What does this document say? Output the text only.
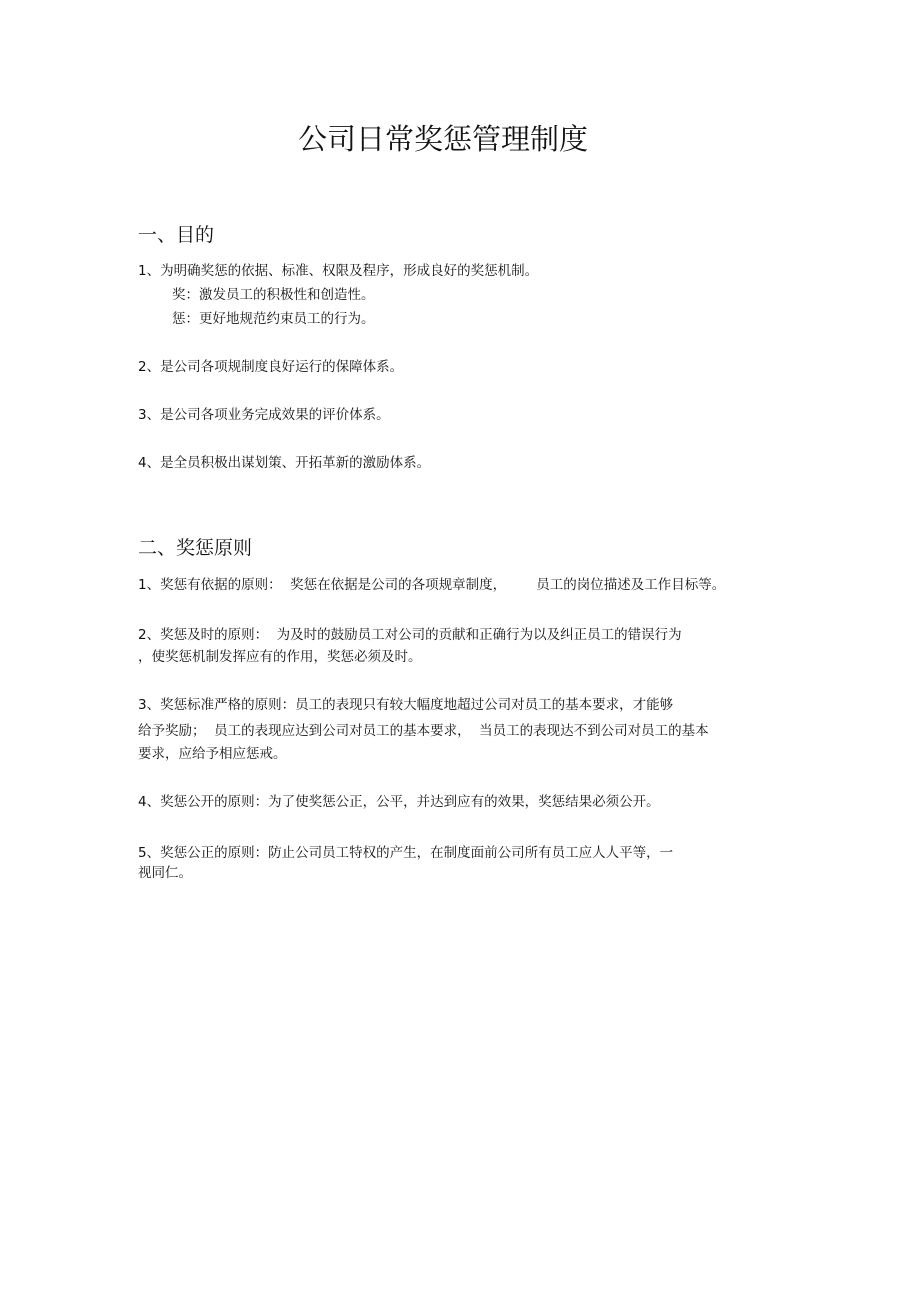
公司日常奖惩管理制度
一、目的
1、为明确奖惩的依据、标准、权限及程序，形成良好的奖惩机制。
奖：激发员工的积极性和创造性。
惩：更好地规范约束员工的行为。
2、是公司各项规制度良好运行的保障体系。
3、是公司各项业务完成效果的评价体系。
4、是全员积极出谋划策、开拓革新的激励体系。
二、奖惩原则
1、奖惩有依据的原则：  奖惩在依据是公司的各项规章制度，       员工的岗位描述及工作目标等。
2、奖惩及时的原则：  为及时的鼓励员工对公司的贡献和正确行为以及纠正员工的错误行为
，使奖惩机制发挥应有的作用，奖惩必须及时。
3、奖惩标准严格的原则：员工的表现只有较大幅度地超过公司对员工的基本要求，才能够
给予奖励；  员工的表现应达到公司对员工的基本要求，  当员工的表现达不到公司对员工的基本
要求，应给予相应惩戒。
4、奖惩公开的原则：为了使奖惩公正，公平，并达到应有的效果，奖惩结果必须公开。
5、奖惩公正的原则：防止公司员工特权的产生，在制度面前公司所有员工应人人平等，一
视同仁。
